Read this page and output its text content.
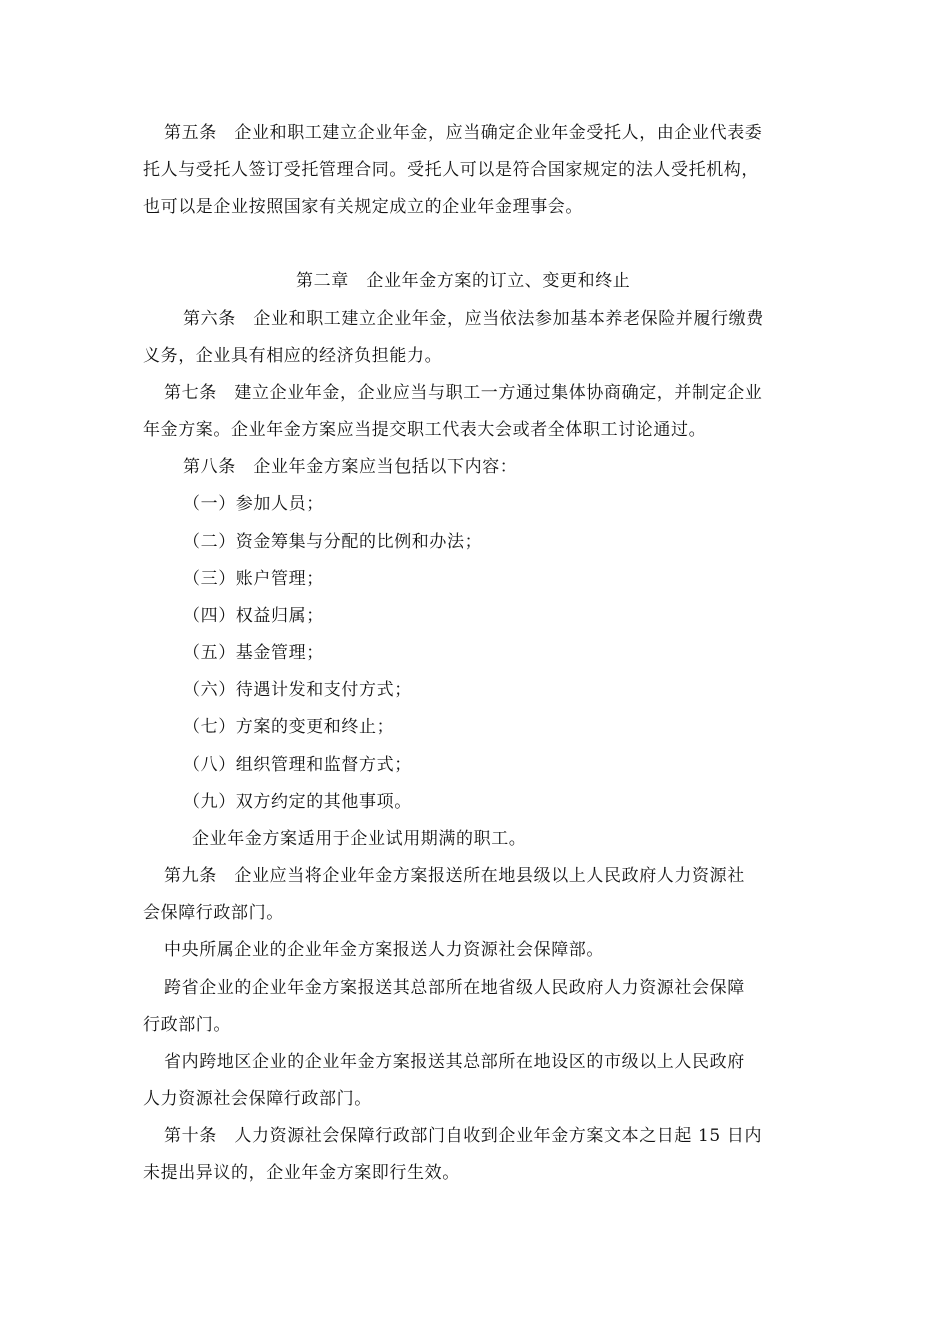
第五条　企业和职工建立企业年金，应当确定企业年金受托人，由企业代表委
托人与受托人签订受托管理合同。受托人可以是符合国家规定的法人受托机构，
也可以是企业按照国家有关规定成立的企业年金理事会。
第二章　企业年金方案的订立、变更和终止
第六条　企业和职工建立企业年金，应当依法参加基本养老保险并履行缴费
义务，企业具有相应的经济负担能力。
第七条　建立企业年金，企业应当与职工一方通过集体协商确定，并制定企业
年金方案。企业年金方案应当提交职工代表大会或者全体职工讨论通过。
第八条　企业年金方案应当包括以下内容：
（一）参加人员；
（二）资金筹集与分配的比例和办法；
（三）账户管理；
（四）权益归属；
（五）基金管理；
（六）待遇计发和支付方式；
（七）方案的变更和终止；
（八）组织管理和监督方式；
（九）双方约定的其他事项。
企业年金方案适用于企业试用期满的职工。
第九条　企业应当将企业年金方案报送所在地县级以上人民政府人力资源社
会保障行政部门。
中央所属企业的企业年金方案报送人力资源社会保障部。
跨省企业的企业年金方案报送其总部所在地省级人民政府人力资源社会保障
行政部门。
省内跨地区企业的企业年金方案报送其总部所在地设区的市级以上人民政府
人力资源社会保障行政部门。
第十条　人力资源社会保障行政部门自收到企业年金方案文本之日起 15 日内
未提出异议的，企业年金方案即行生效。
